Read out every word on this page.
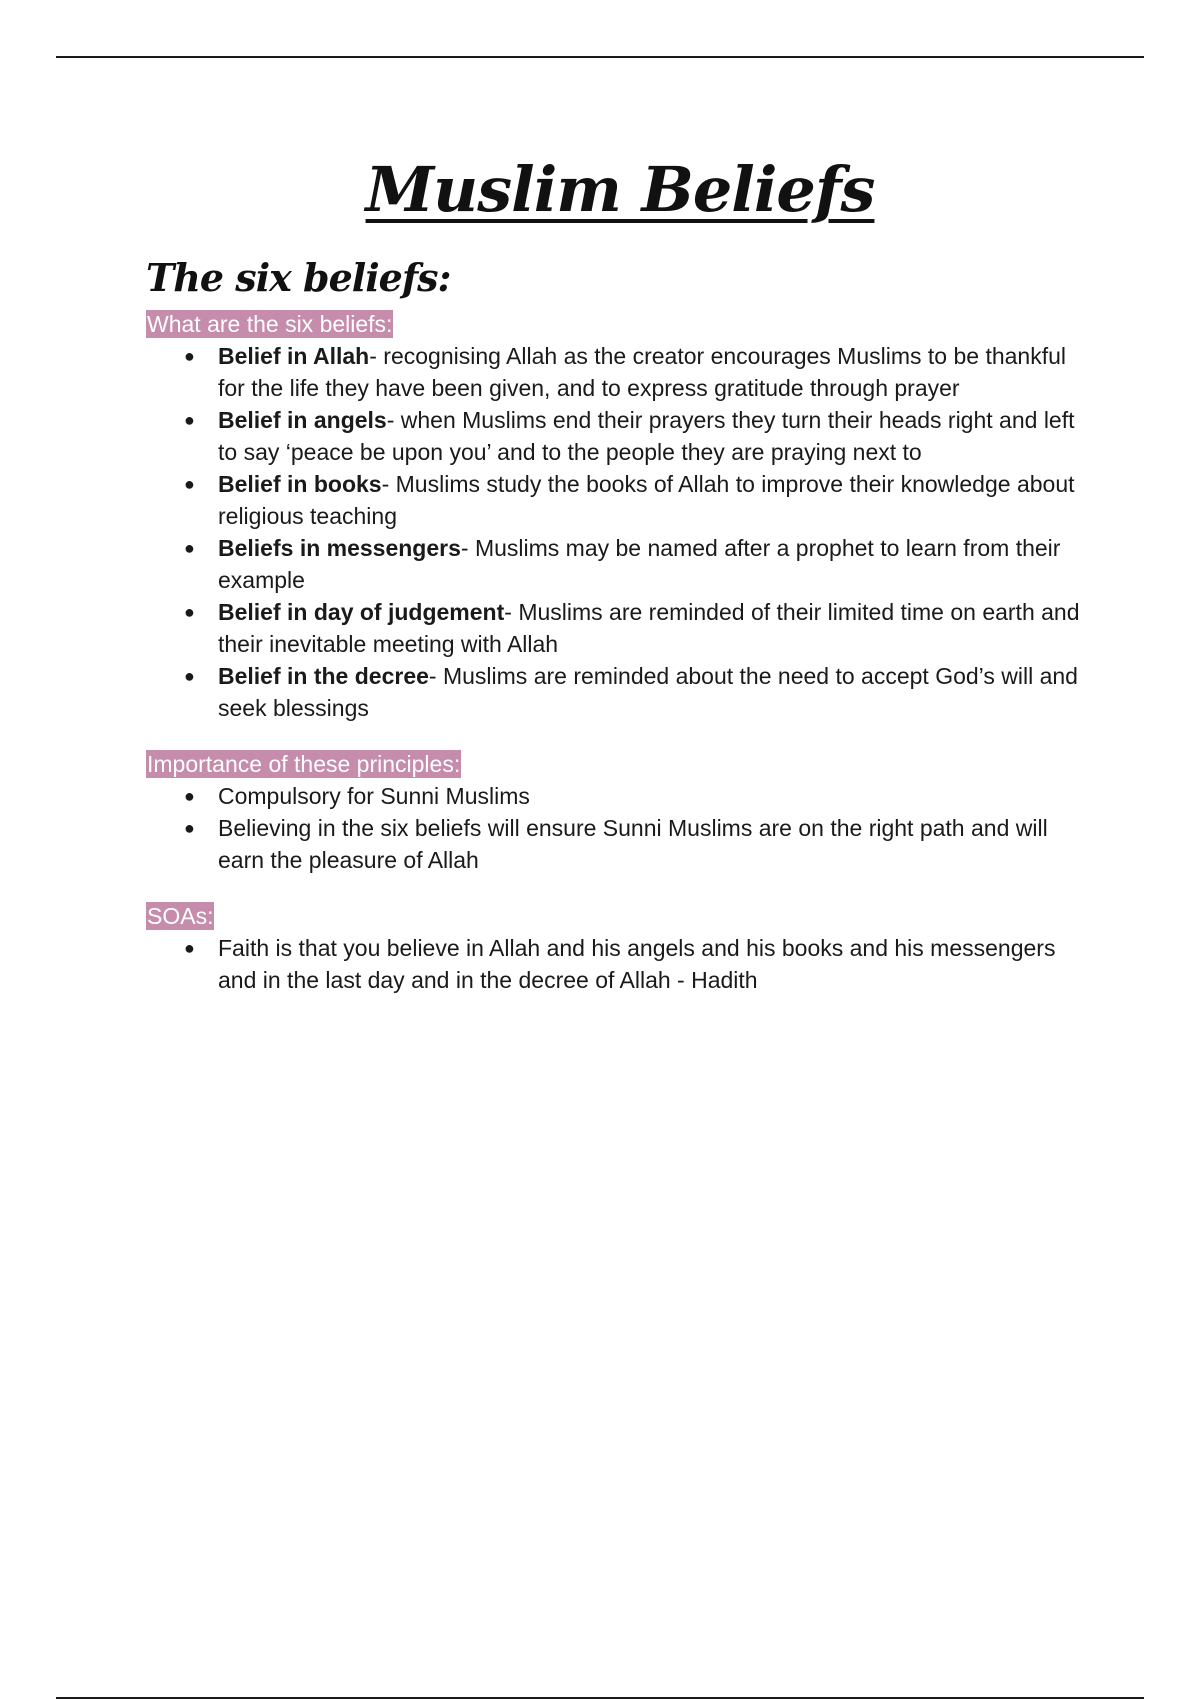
Muslim Beliefs
The six beliefs:
What are the six beliefs:
● Belief in Allah- recognising Allah as the creator encourages Muslims to be thankful for the life they have been given, and to express gratitude through prayer
● Belief in angels- when Muslims end their prayers they turn their heads right and left to say ‘peace be upon you’ and to the people they are praying next to
● Belief in books- Muslims study the books of Allah to improve their knowledge about religious teaching
● Beliefs in messengers- Muslims may be named after a prophet to learn from their example
● Belief in day of judgement- Muslims are reminded of their limited time on earth and their inevitable meeting with Allah
● Belief in the decree- Muslims are reminded about the need to accept God’s will and seek blessings
Importance of these principles:
● Compulsory for Sunni Muslims
● Believing in the six beliefs will ensure Sunni Muslims are on the right path and will earn the pleasure of Allah
SOAs:
● Faith is that you believe in Allah and his angels and his books and his messengers and in the last day and in the decree of Allah - Hadith
